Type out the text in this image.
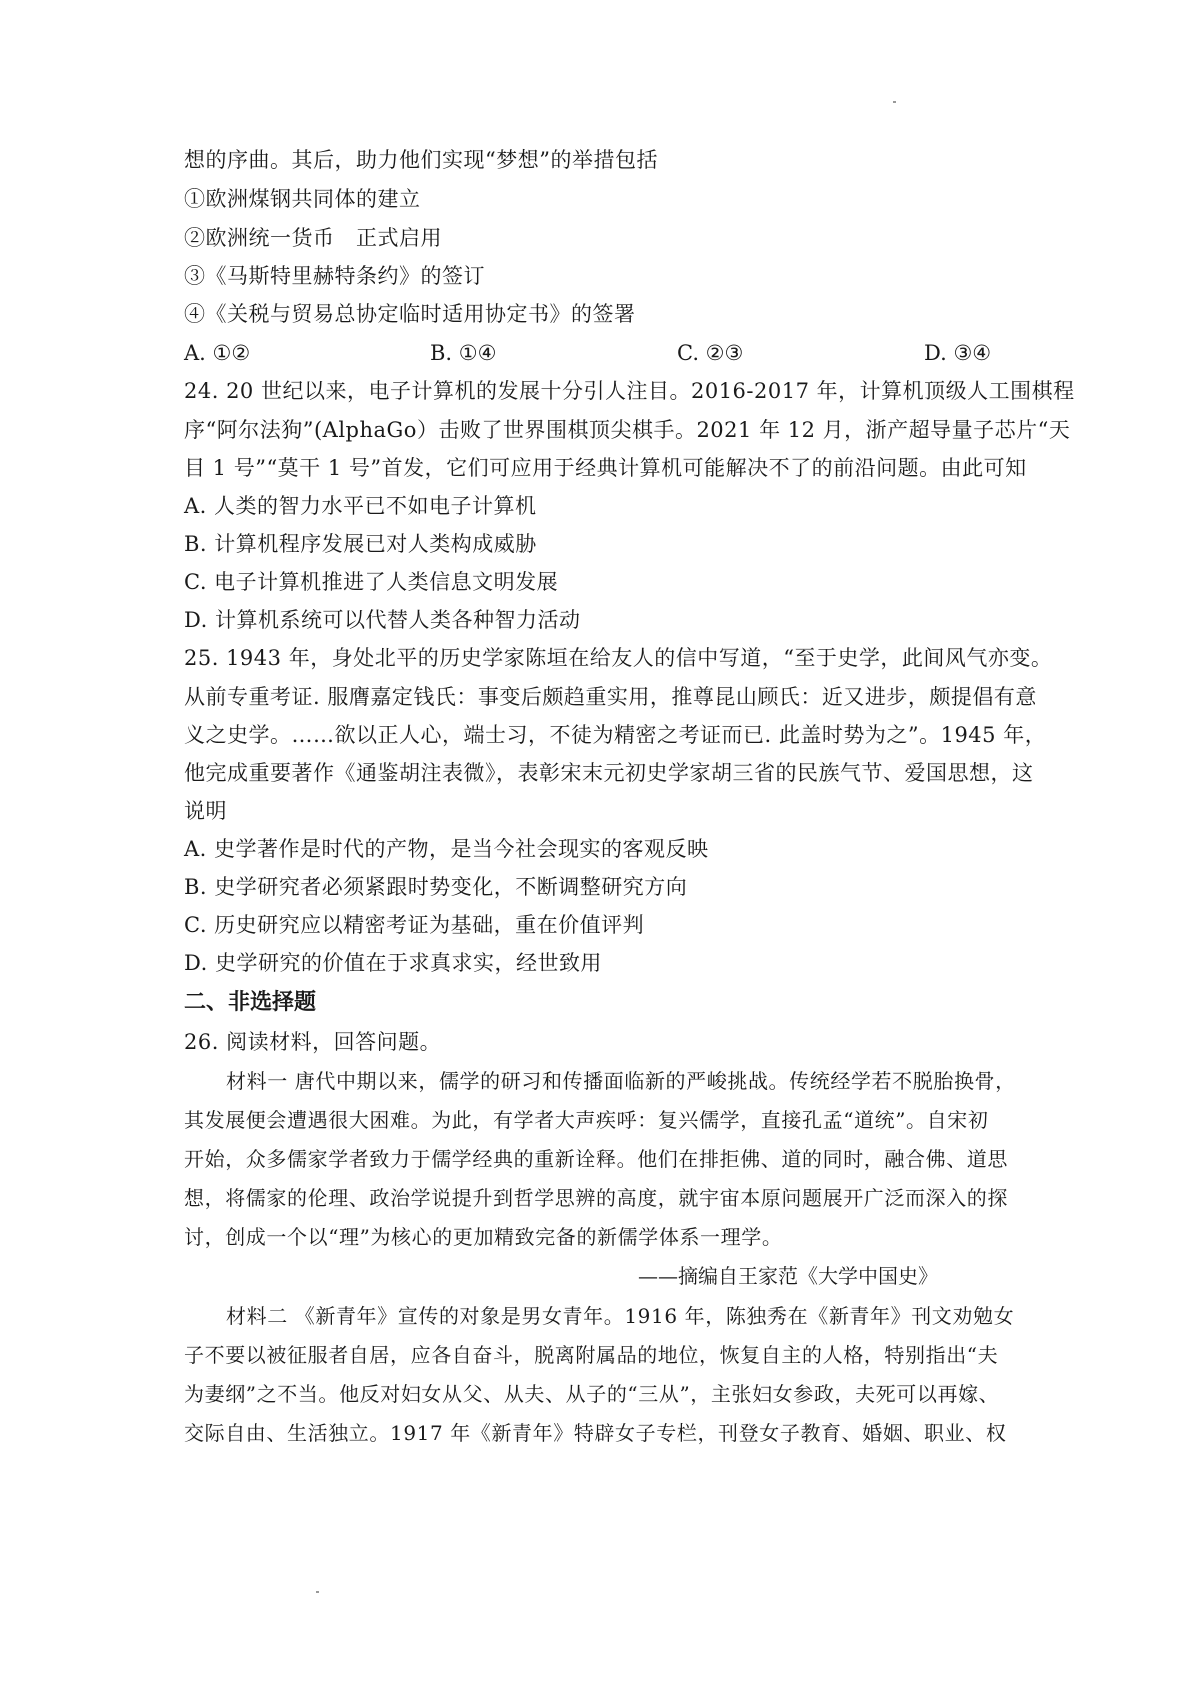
想的序曲。其后，助力他们实现“梦想”的举措包括
①欧洲煤钢共同体的建立
②欧洲统一货币　正式启用
③《马斯特里赫特条约》的签订
④《关税与贸易总协定临时适用协定书》的签署
A. ①②	B. ①④	C. ②③	D. ③④
24. 20 世纪以来，电子计算机的发展十分引人注目。2016-2017 年，计算机顶级人工围棋程
序“阿尔法狗”(AlphaGo）击败了世界围棋顶尖棋手。2021 年 12 月，浙产超导量子芯片“天
目 1 号”“莫干 1 号”首发，它们可应用于经典计算机可能解决不了的前沿问题。由此可知
A. 人类的智力水平已不如电子计算机
B. 计算机程序发展已对人类构成威胁
C. 电子计算机推进了人类信息文明发展
D. 计算机系统可以代替人类各种智力活动
25. 1943 年，身处北平的历史学家陈垣在给友人的信中写道，“至于史学，此间风气亦变。
从前专重考证. 服膺嘉定钱氏：事变后颇趋重实用，推尊昆山顾氏：近又进步，颇提倡有意
义之史学。……欲以正人心，端士习，不徒为精密之考证而已. 此盖时势为之”。1945 年，
他完成重要著作《通鉴胡注表微》，表彰宋末元初史学家胡三省的民族气节、爱国思想，这
说明
A. 史学著作是时代的产物，是当今社会现实的客观反映
B. 史学研究者必须紧跟时势变化，不断调整研究方向
C. 历史研究应以精密考证为基础，重在价值评判
D. 史学研究的价值在于求真求实，经世致用
二、非选择题
26. 阅读材料，回答问题。
材料一 唐代中期以来，儒学的研习和传播面临新的严峻挑战。传统经学若不脱胎换骨，
其发展便会遭遇很大困难。为此，有学者大声疾呼：复兴儒学，直接孔孟“道统”。自宋初
开始，众多儒家学者致力于儒学经典的重新诠释。他们在排拒佛、道的同时，融合佛、道思
想，将儒家的伦理、政治学说提升到哲学思辨的高度，就宇宙本原问题展开广泛而深入的探
讨，创成一个以“理”为核心的更加精致完备的新儒学体系一理学。
——摘编自王家范《大学中国史》
材料二 《新青年》宣传的对象是男女青年。1916 年，陈独秀在《新青年》刊文劝勉女
子不要以被征服者自居，应各自奋斗，脱离附属品的地位，恢复自主的人格，特别指出“夫
为妻纲”之不当。他反对妇女从父、从夫、从子的“三从”，主张妇女参政，夫死可以再嫁、
交际自由、生活独立。1917 年《新青年》特辟女子专栏，刊登女子教育、婚姻、职业、权
